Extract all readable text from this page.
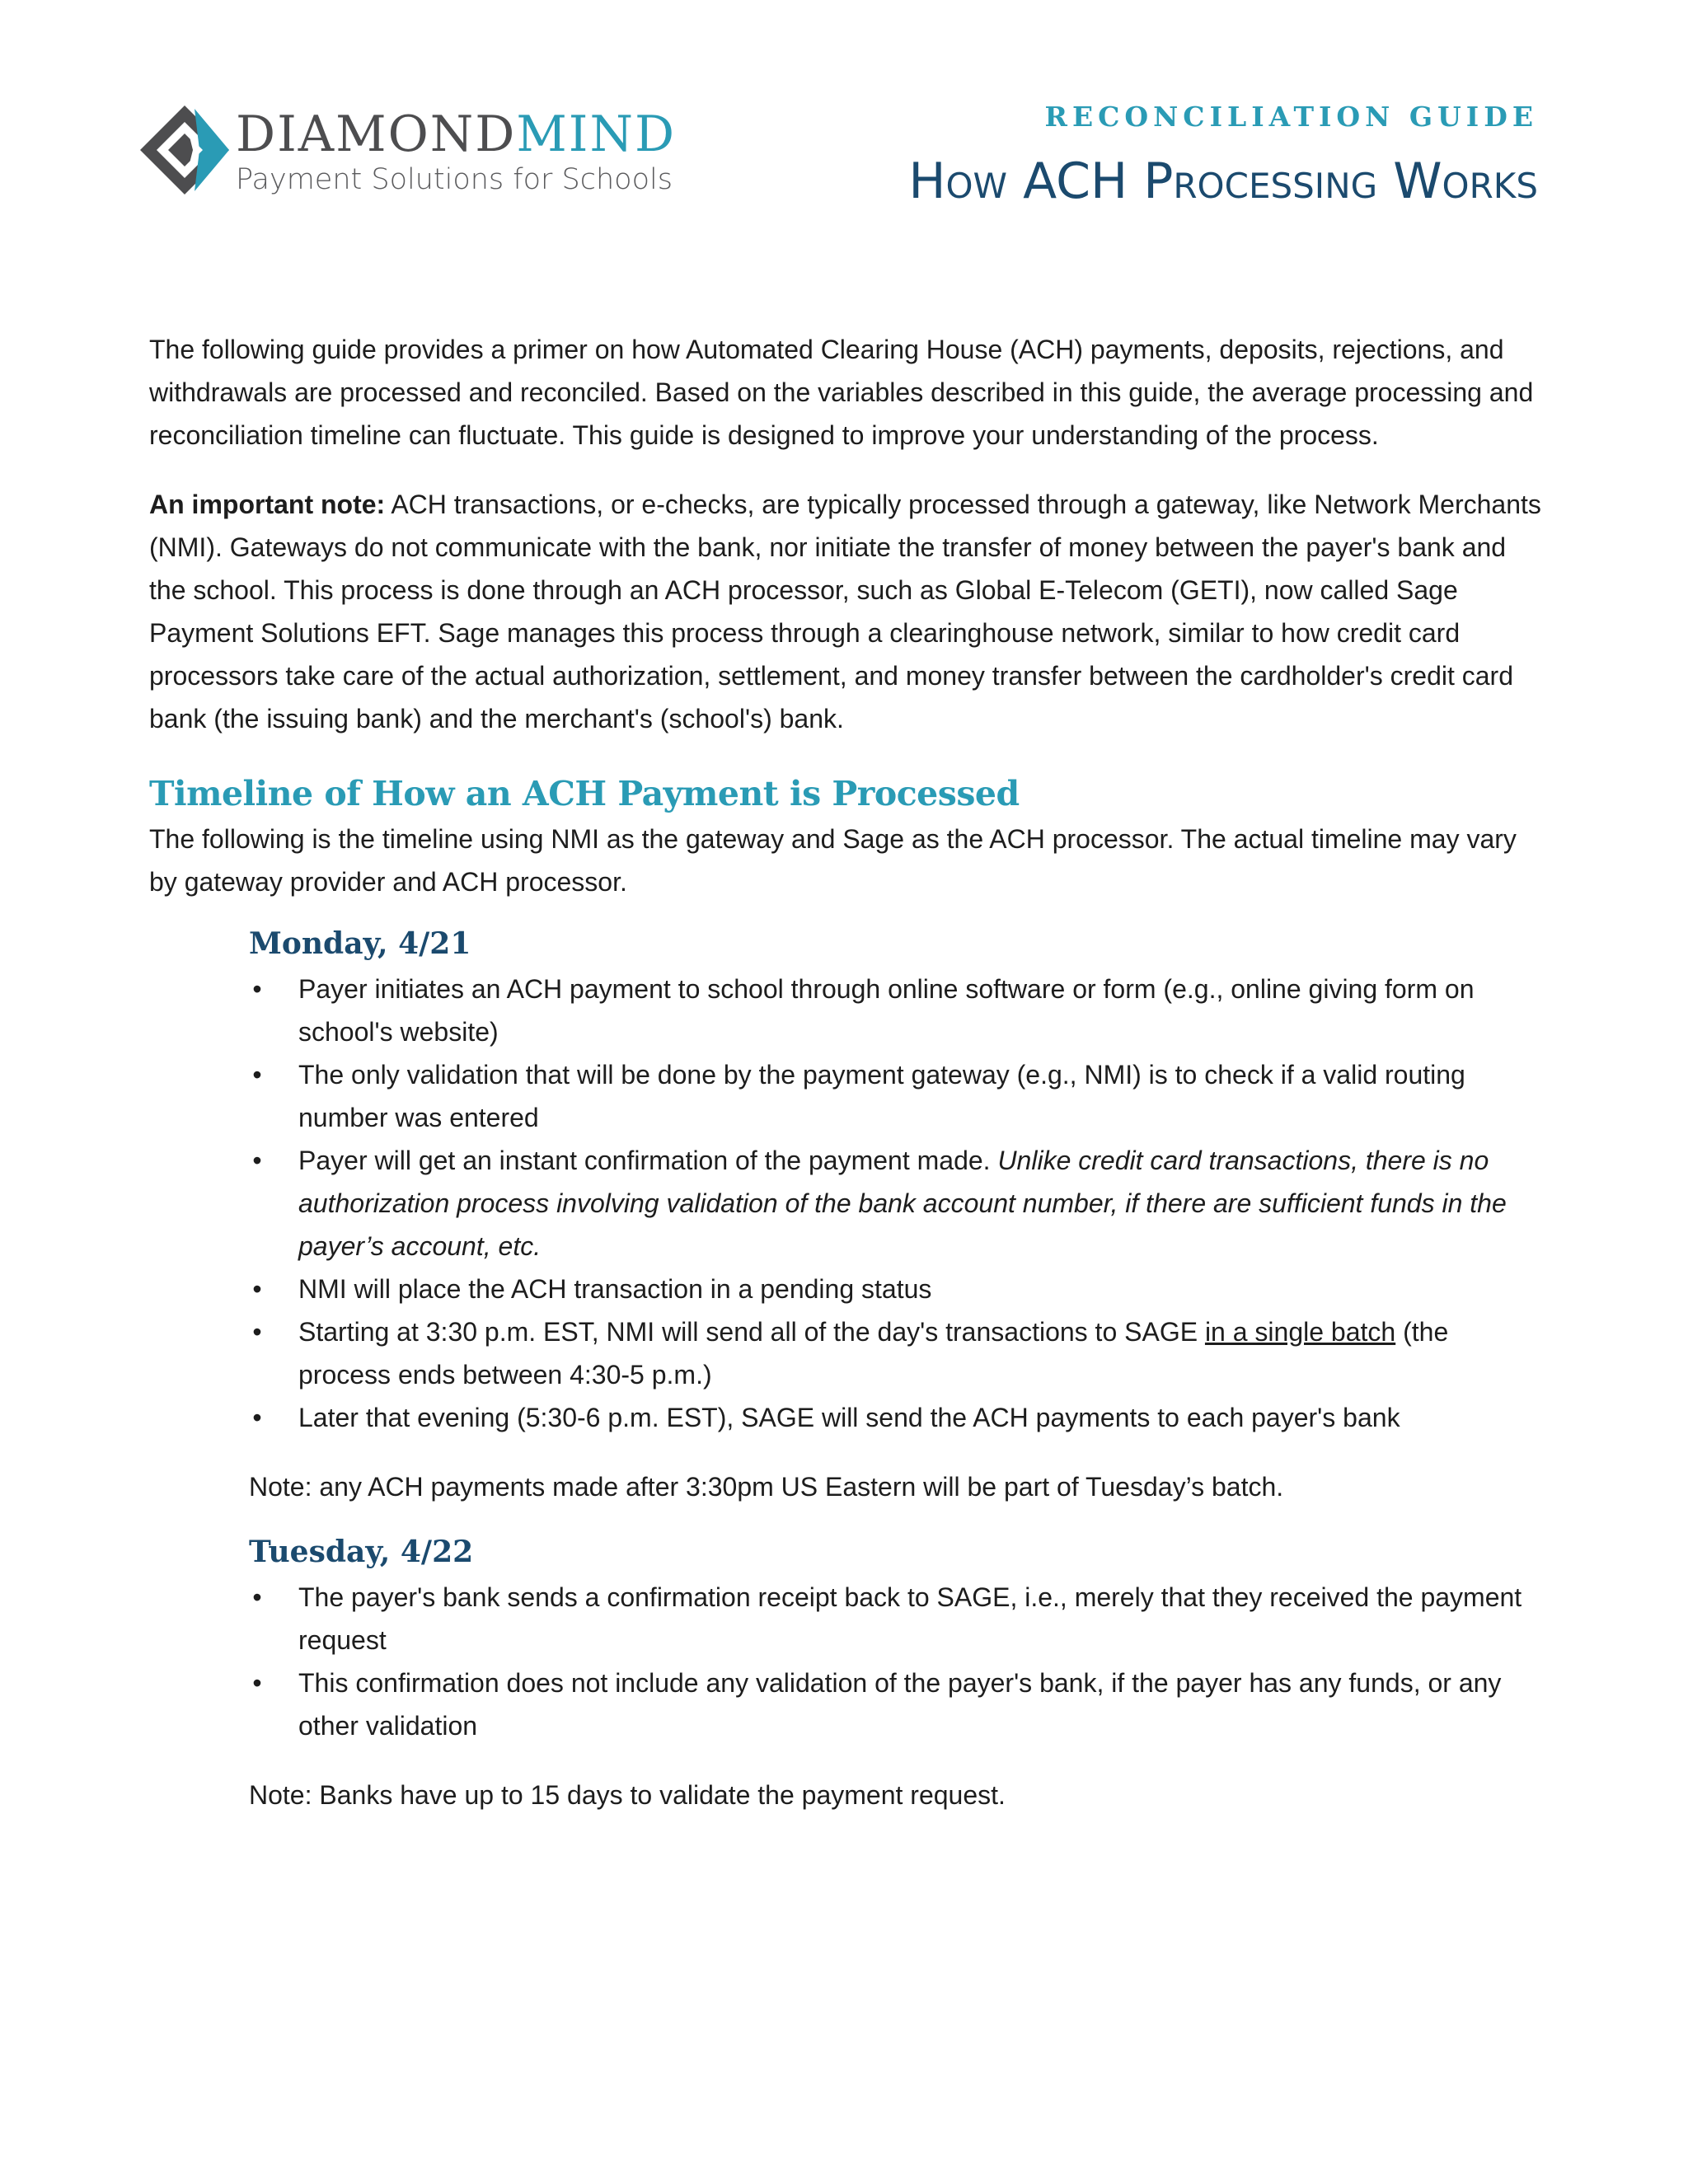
DIAMONDMIND
Payment Solutions for Schools
RECONCILIATION GUIDE
How ACH Processing Works

The following guide provides a primer on how Automated Clearing House (ACH) payments, deposits, rejections, and withdrawals are processed and reconciled. Based on the variables described in this guide, the average processing and reconciliation timeline can fluctuate. This guide is designed to improve your understanding of the process.

An important note: ACH transactions, or e-checks, are typically processed through a gateway, like Network Merchants (NMI). Gateways do not communicate with the bank, nor initiate the transfer of money between the payer's bank and the school. This process is done through an ACH processor, such as Global E-Telecom (GETI), now called Sage Payment Solutions EFT. Sage manages this process through a clearinghouse network, similar to how credit card processors take care of the actual authorization, settlement, and money transfer between the cardholder's credit card bank (the issuing bank) and the merchant's (school's) bank.

Timeline of How an ACH Payment is Processed

The following is the timeline using NMI as the gateway and Sage as the ACH processor. The actual timeline may vary by gateway provider and ACH processor.

Monday, 4/21
• Payer initiates an ACH payment to school through online software or form (e.g., online giving form on school's website)
• The only validation that will be done by the payment gateway (e.g., NMI) is to check if a valid routing number was entered
• Payer will get an instant confirmation of the payment made. Unlike credit card transactions, there is no authorization process involving validation of the bank account number, if there are sufficient funds in the payer’s account, etc.
• NMI will place the ACH transaction in a pending status
• Starting at 3:30 p.m. EST, NMI will send all of the day's transactions to SAGE in a single batch (the process ends between 4:30-5 p.m.)
• Later that evening (5:30-6 p.m. EST), SAGE will send the ACH payments to each payer's bank

Note: any ACH payments made after 3:30pm US Eastern will be part of Tuesday’s batch.

Tuesday, 4/22
• The payer's bank sends a confirmation receipt back to SAGE, i.e., merely that they received the payment request
• This confirmation does not include any validation of the payer's bank, if the payer has any funds, or any other validation

Note: Banks have up to 15 days to validate the payment request.
